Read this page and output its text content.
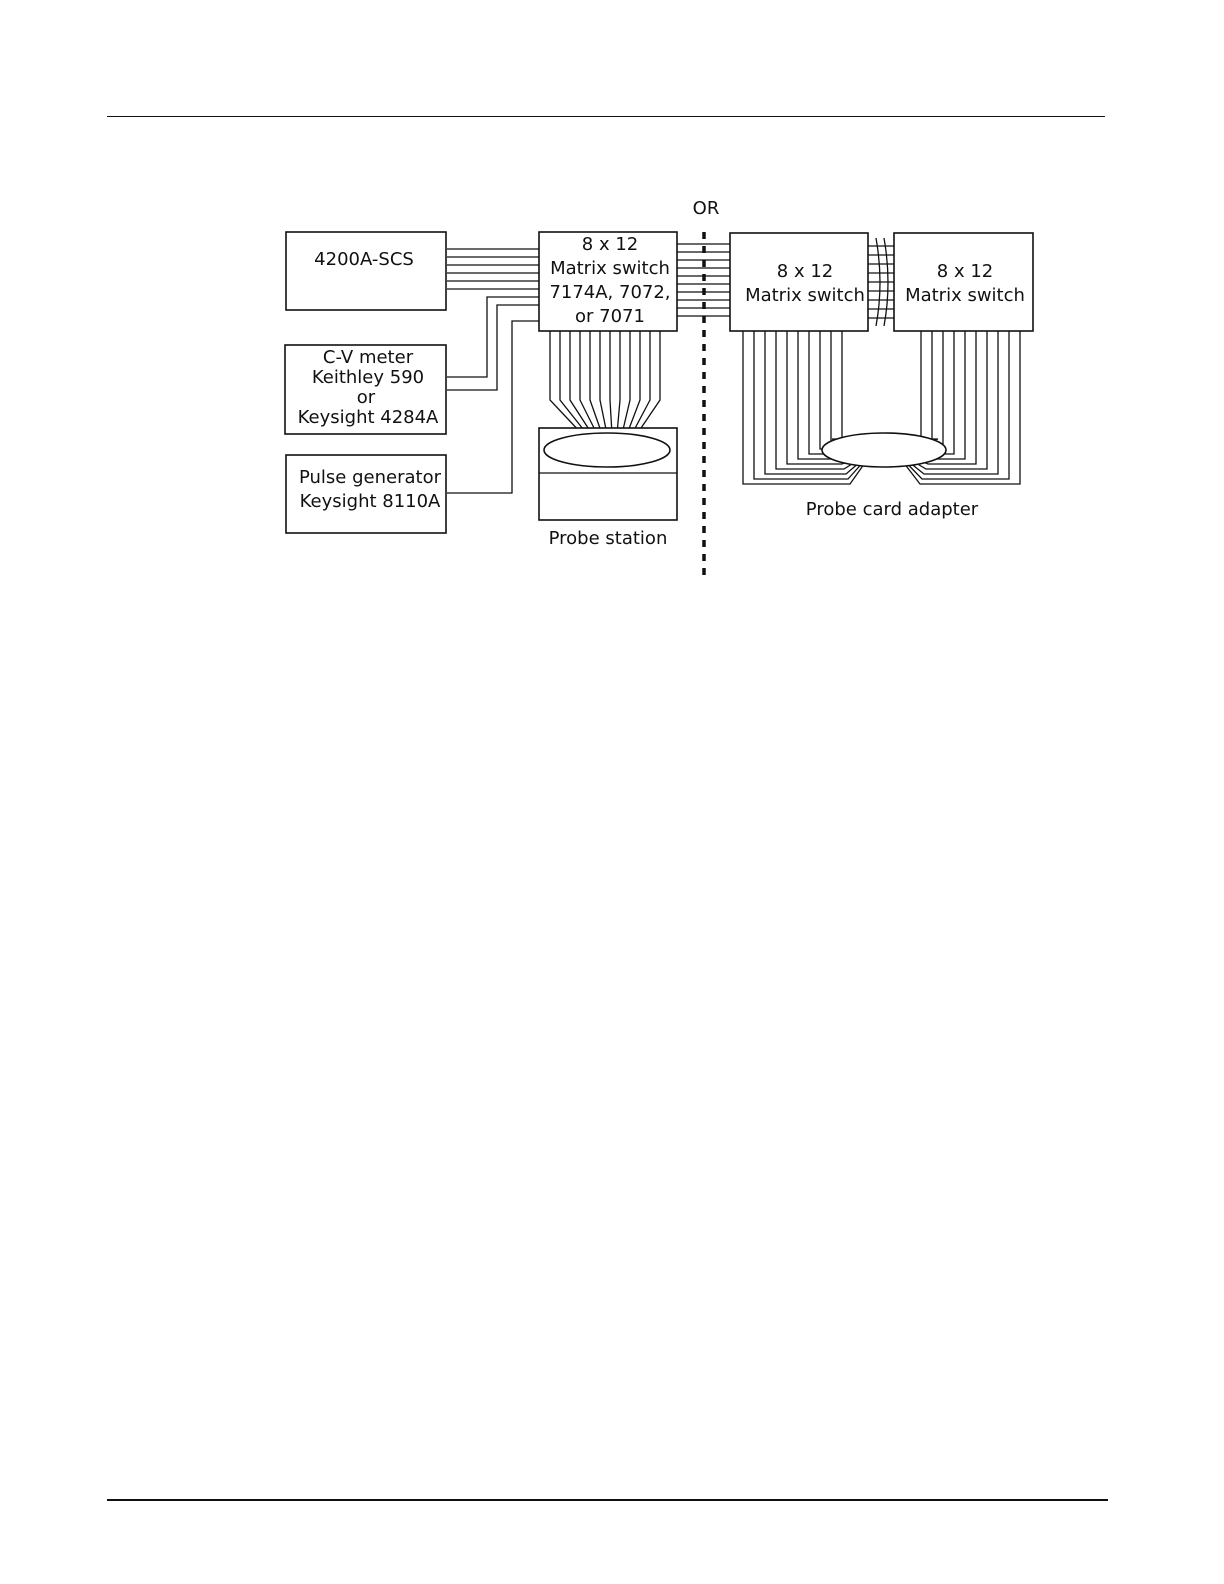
OR
4200A-SCS
C-V meter
Keithley 590
or
Keysight 4284A
Pulse generator
Keysight 8110A
8 x 12
Matrix switch
7174A, 7072,
or 7071
Probe station
8 x 12
Matrix switch
8 x 12
Matrix switch
Probe card adapter
